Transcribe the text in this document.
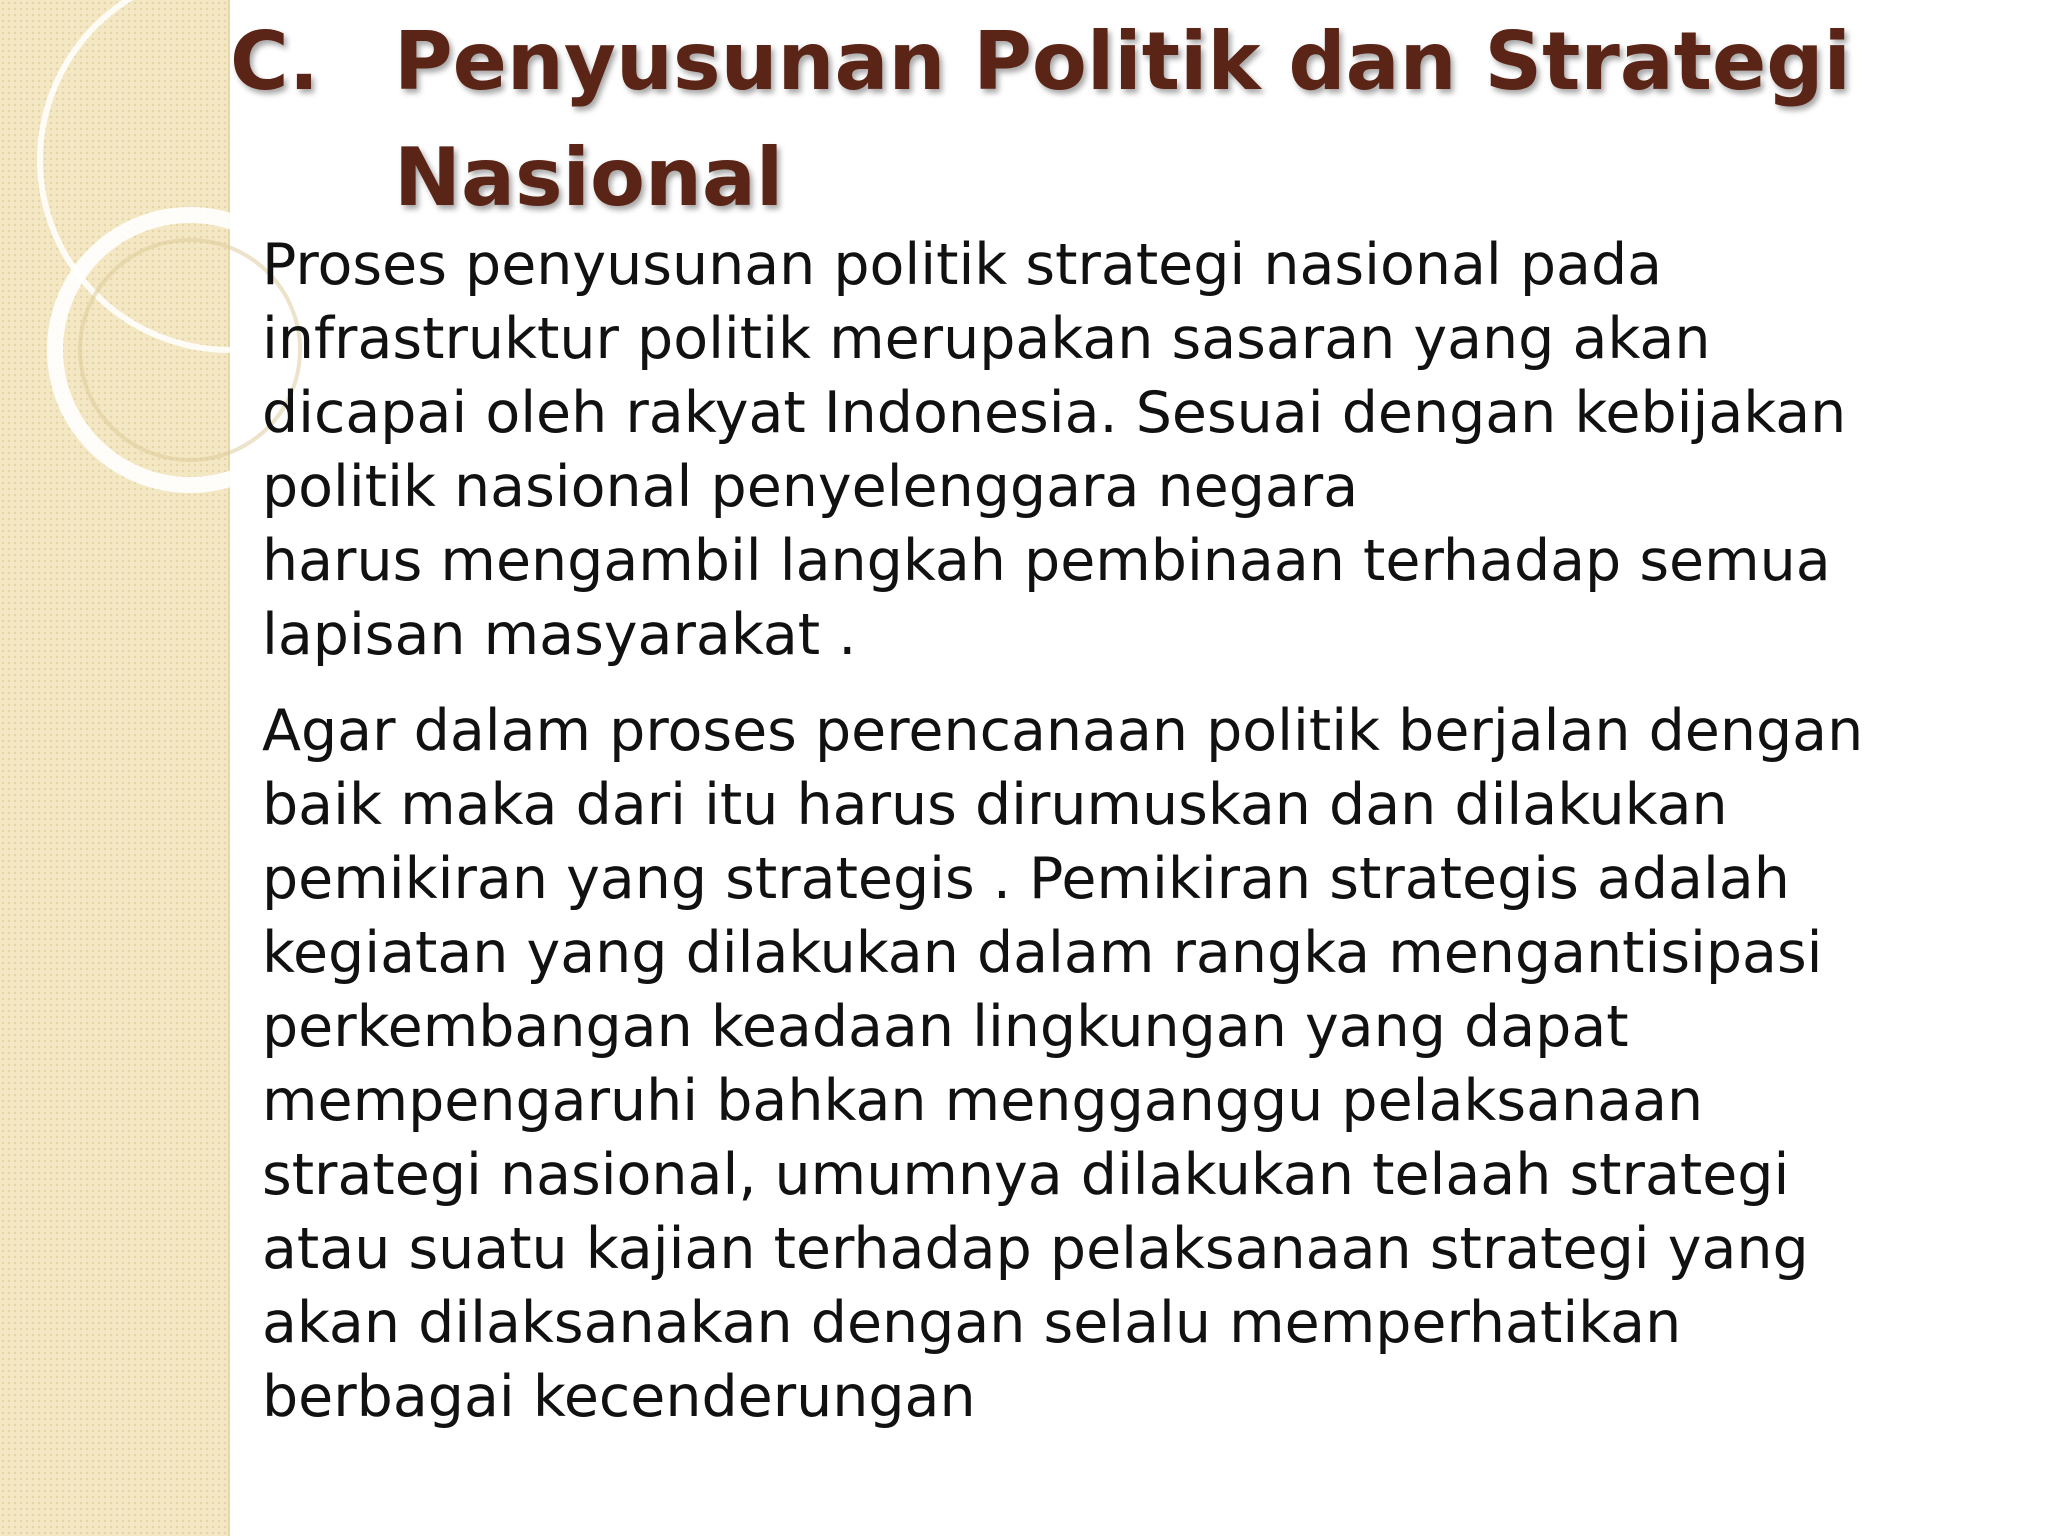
C. Penyusunan Politik dan Strategi
Nasional

Proses penyusunan politik strategi nasional pada
infrastruktur politik merupakan sasaran yang akan
dicapai oleh rakyat Indonesia. Sesuai dengan kebijakan
politik nasional penyelenggara negara
harus mengambil langkah pembinaan terhadap semua
lapisan masyarakat .

Agar dalam proses perencanaan politik berjalan dengan
baik maka dari itu harus dirumuskan dan dilakukan
pemikiran yang strategis . Pemikiran strategis adalah
kegiatan yang dilakukan dalam rangka mengantisipasi
perkembangan keadaan lingkungan yang dapat
mempengaruhi bahkan mengganggu pelaksanaan
strategi nasional, umumnya dilakukan telaah strategi
atau suatu kajian terhadap pelaksanaan strategi yang
akan dilaksanakan dengan selalu memperhatikan
berbagai kecenderungan
